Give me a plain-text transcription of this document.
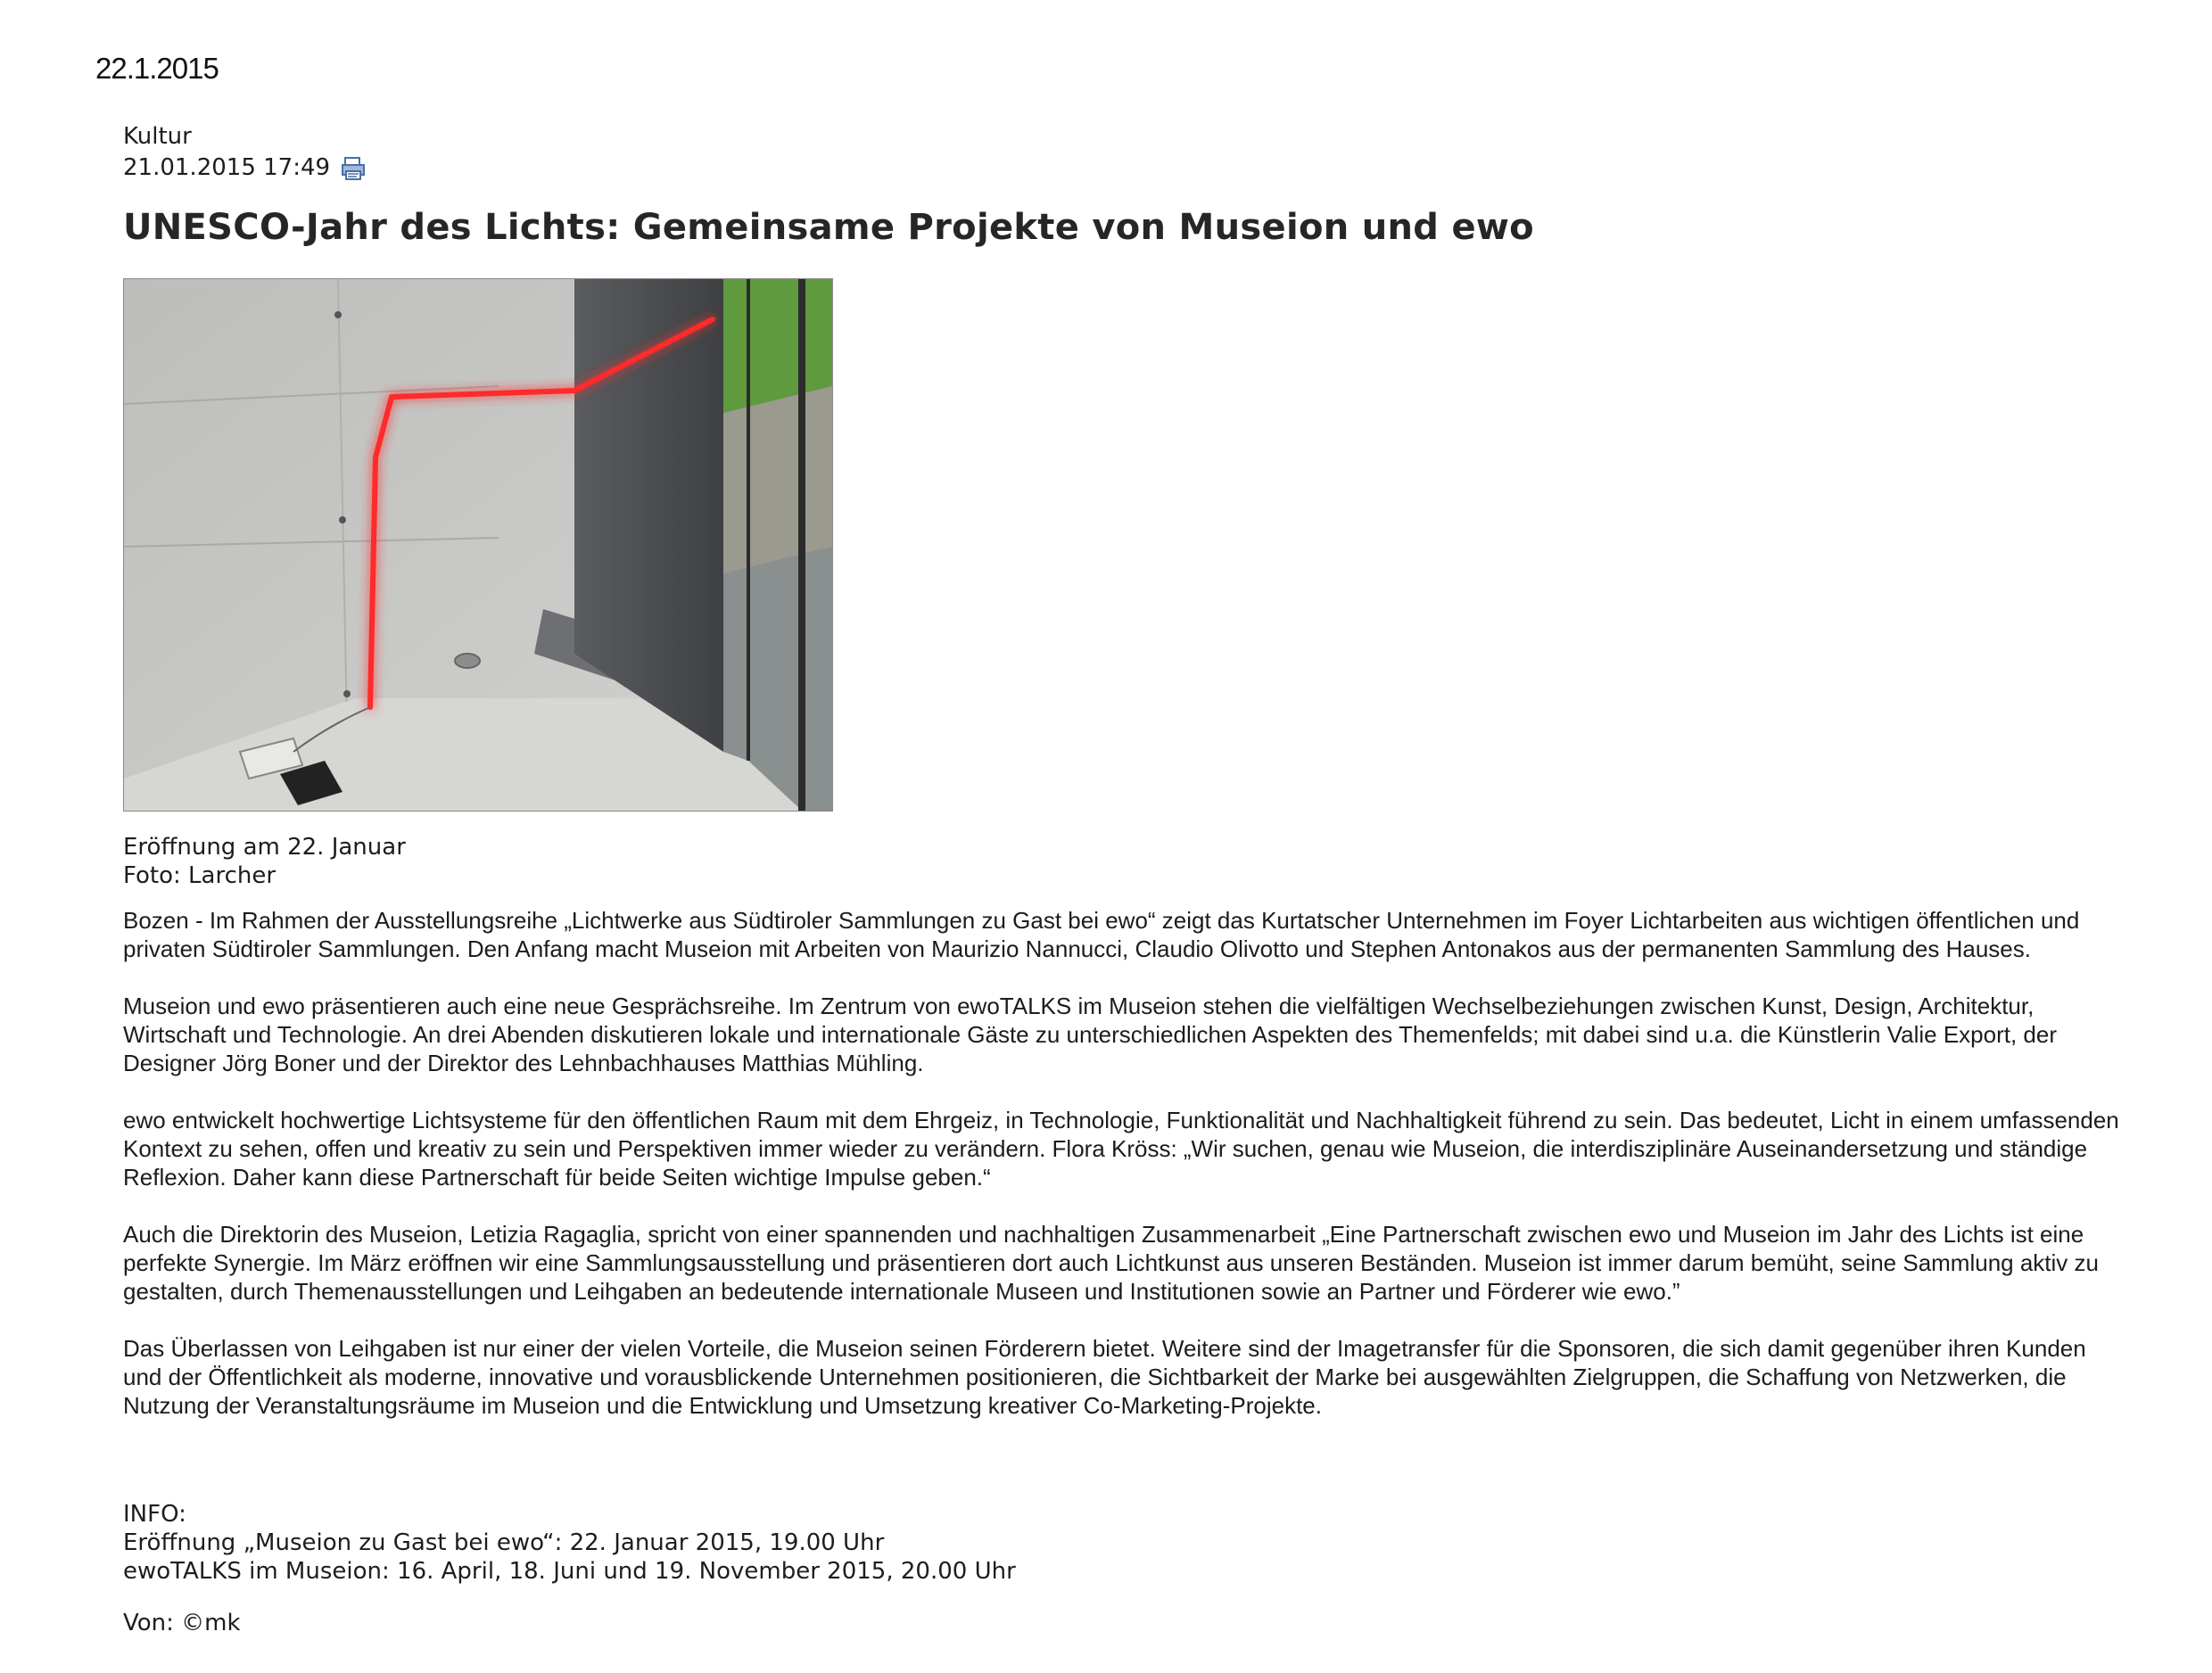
22.1.2015
Kultur
21.01.2015 17:49
UNESCO-Jahr des Lichts: Gemeinsame Projekte von Museion und ewo
Eröffnung am 22. Januar
Foto: Larcher

Bozen - Im Rahmen der Ausstellungsreihe „Lichtwerke aus Südtiroler Sammlungen zu Gast bei ewo“ zeigt das Kurtatscher Unternehmen im Foyer Lichtarbeiten aus wichtigen öffentlichen und privaten Südtiroler Sammlungen. Den Anfang macht Museion mit Arbeiten von Maurizio Nannucci, Claudio Olivotto und Stephen Antonakos aus der permanenten Sammlung des Hauses.

Museion und ewo präsentieren auch eine neue Gesprächsreihe. Im Zentrum von ewoTALKS im Museion stehen die vielfältigen Wechselbeziehungen zwischen Kunst, Design, Architektur, Wirtschaft und Technologie. An drei Abenden diskutieren lokale und internationale Gäste zu unterschiedlichen Aspekten des Themenfelds; mit dabei sind u.a. die Künstlerin Valie Export, der Designer Jörg Boner und der Direktor des Lehnbachhauses Matthias Mühling.

ewo entwickelt hochwertige Lichtsysteme für den öffentlichen Raum mit dem Ehrgeiz, in Technologie, Funktionalität und Nachhaltigkeit führend zu sein. Das bedeutet, Licht in einem umfassenden Kontext zu sehen, offen und kreativ zu sein und Perspektiven immer wieder zu verändern. Flora Kröss: „Wir suchen, genau wie Museion, die interdisziplinäre Auseinandersetzung und ständige Reflexion. Daher kann diese Partnerschaft für beide Seiten wichtige Impulse geben.“

Auch die Direktorin des Museion, Letizia Ragaglia, spricht von einer spannenden und nachhaltigen Zusammenarbeit „Eine Partnerschaft zwischen ewo und Museion im Jahr des Lichts ist eine perfekte Synergie. Im März eröffnen wir eine Sammlungsausstellung und präsentieren dort auch Lichtkunst aus unseren Beständen. Museion ist immer darum bemüht, seine Sammlung aktiv zu gestalten, durch Themenausstellungen und Leihgaben an bedeutende internationale Museen und Institutionen sowie an Partner und Förderer wie ewo.”

Das Überlassen von Leihgaben ist nur einer der vielen Vorteile, die Museion seinen Förderern bietet. Weitere sind der Imagetransfer für die Sponsoren, die sich damit gegenüber ihren Kunden und der Öffentlichkeit als moderne, innovative und vorausblickende Unternehmen positionieren, die Sichtbarkeit der Marke bei ausgewählten Zielgruppen, die Schaffung von Netzwerken, die Nutzung der Veranstaltungsräume im Museion und die Entwicklung und Umsetzung kreativer Co-Marketing-Projekte.

INFO:
Eröffnung „Museion zu Gast bei ewo“: 22. Januar 2015, 19.00 Uhr
ewoTALKS im Museion: 16. April, 18. Juni und 19. November 2015, 20.00 Uhr
Von: ©mk
